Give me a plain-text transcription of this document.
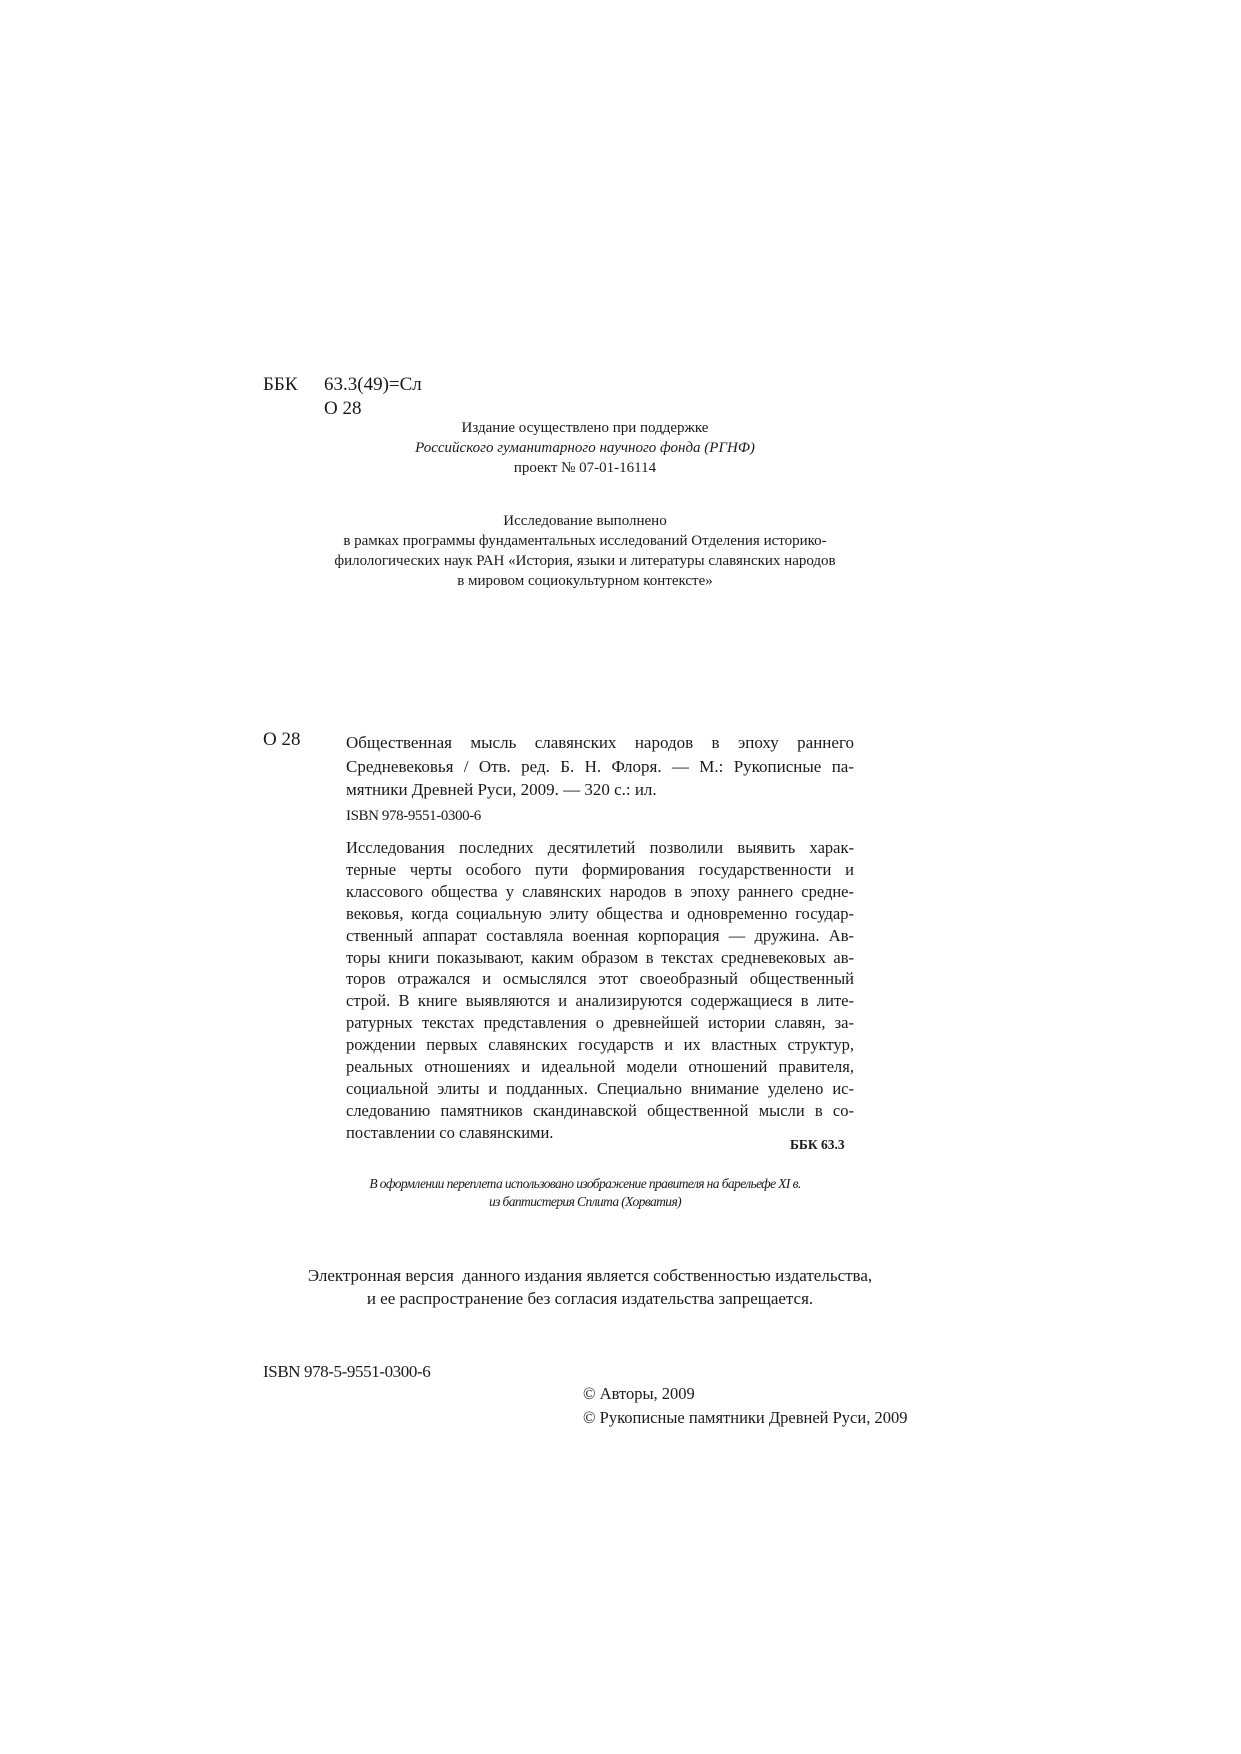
ББК 63.3(49)=Сл
О 28
Издание осуществлено при поддержке
Российского гуманитарного научного фонда (РГНФ)
проект № 07-01-16114
Исследование выполнено
в рамках программы фундаментальных исследований Отделения историко-
филологических наук РАН «История, языки и литературы славянских народов
в мировом социокультурном контексте»
О 28	Общественная мысль славянских народов в эпоху раннего
Средневековья / Отв. ред. Б. Н. Флоря. — М.: Рукописные па-
мятники Древней Руси, 2009. — 320 с.: ил.
ISBN 978-9551-0300-6
Исследования последних десятилетий позволили выявить харак-
терные черты особого пути формирования государственности и
классового общества у славянских народов в эпоху раннего средне-
вековья, когда социальную элиту общества и одновременно государ-
ственный аппарат составляла военная корпорация — дружина. Ав-
торы книги показывают, каким образом в текстах средневековых ав-
торов отражался и осмыслялся этот своеобразный общественный
строй. В книге выявляются и анализируются содержащиеся в лите-
ратурных текстах представления о древнейшей истории славян, за-
рождении первых славянских государств и их властных структур,
реальных отношениях и идеальной модели отношений правителя,
социальной элиты и подданных. Специально внимание уделено ис-
следованию памятников скандинавской общественной мысли в со-
поставлении со славянскими.
ББК 63.3
В оформлении переплета использовано изображение правителя на барельефе XI в.
из баптистерия Сплита (Хорватия)
Электронная версия  данного издания является собственностью издательства,
и ее распространение без согласия издательства запрещается.
ISBN 978-5-9551-0300-6
© Авторы, 2009
© Рукописные памятники Древней Руси, 2009
